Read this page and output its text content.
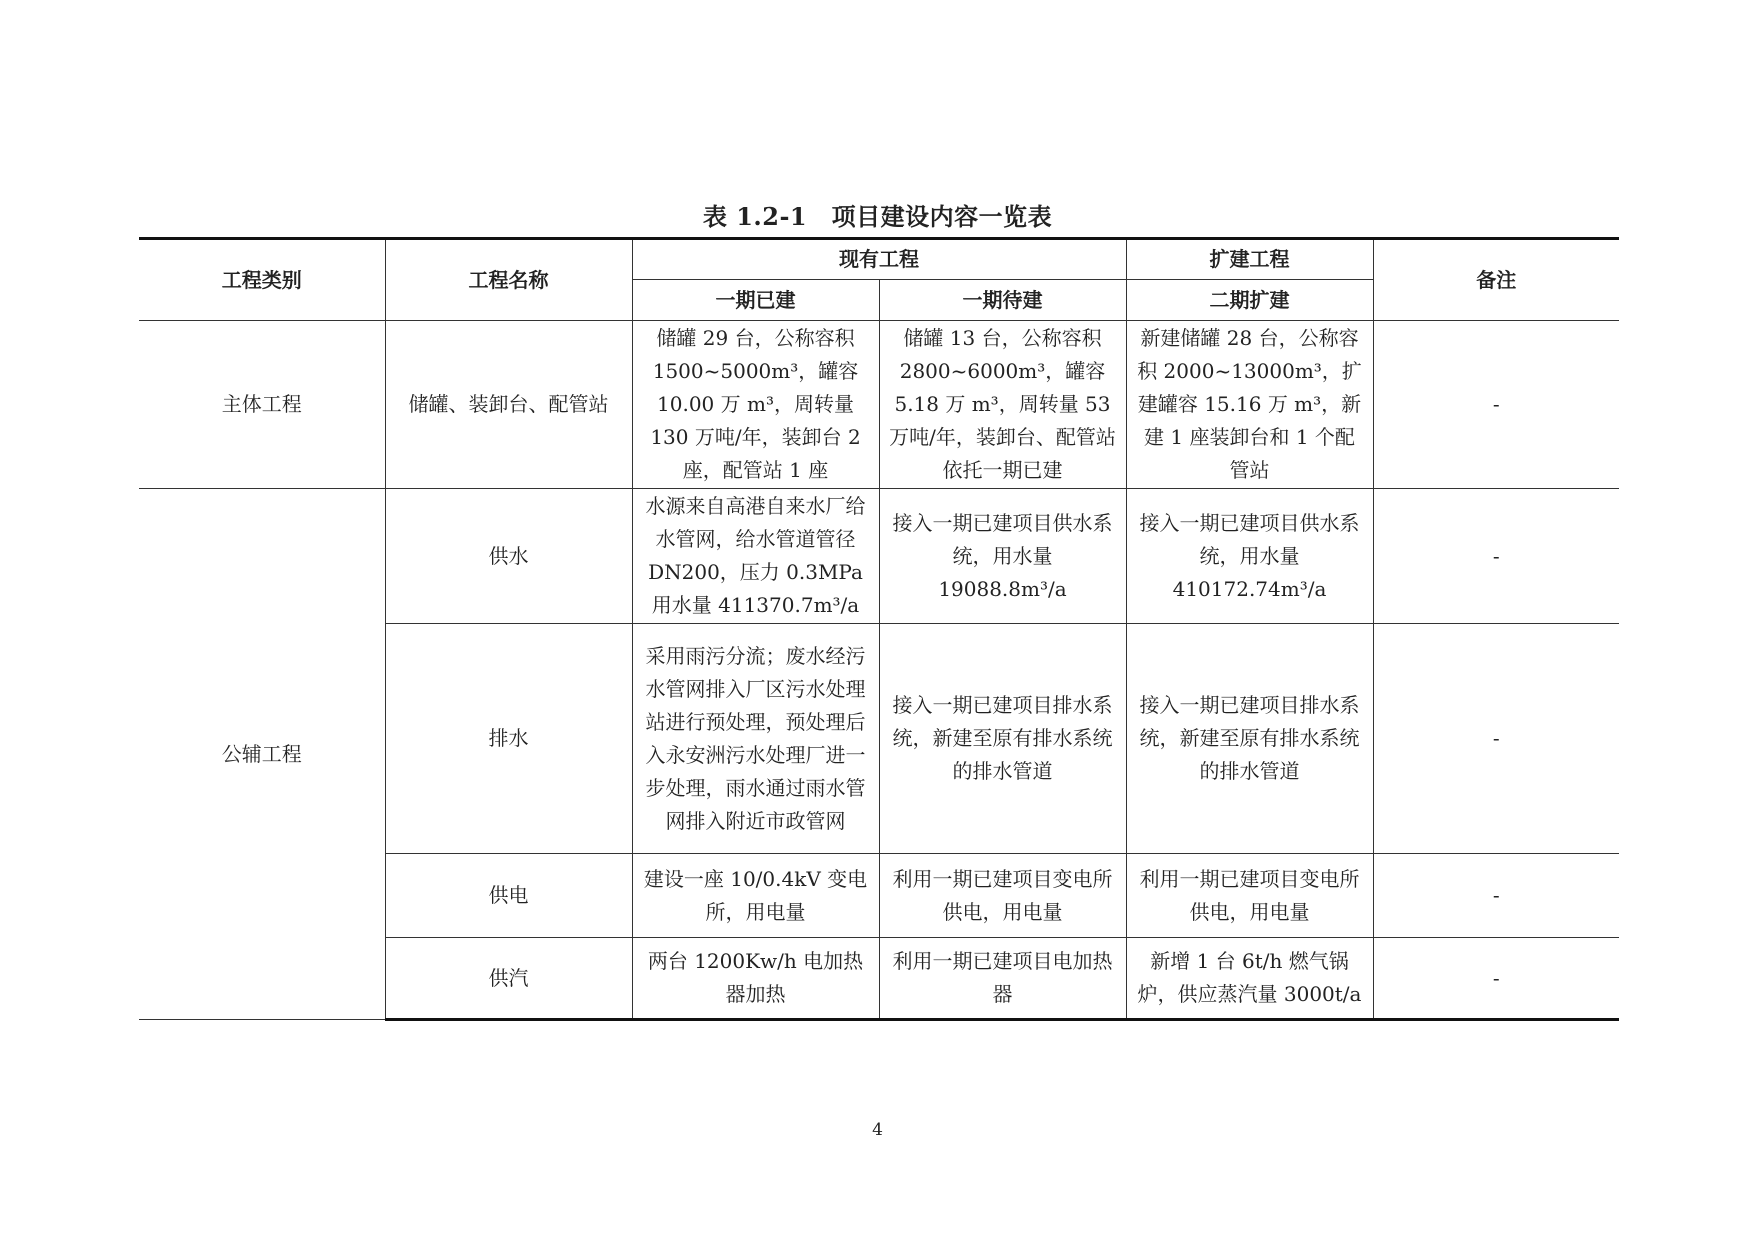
表 1.2-1　项目建设内容一览表
工程类别	工程名称	现有工程		扩建工程	备注
		一期已建	一期待建	二期扩建	
主体工程	储罐、装卸台、配管站	储罐 29 台，公称容积 1500~5000m³，罐容 10.00 万 m³，周转量 130 万吨/年，装卸台 2 座，配管站 1 座	储罐 13 台，公称容积 2800~6000m³，罐容 5.18 万 m³，周转量 53 万吨/年，装卸台、配管站依托一期已建	新建储罐 28 台，公称容积 2000~13000m³，扩建罐容 15.16 万 m³，新建 1 座装卸台和 1 个配管站	-
公辅工程	供水	水源来自高港自来水厂给水管网，给水管道管径 DN200，压力 0.3MPa 用水量 411370.7m³/a	接入一期已建项目供水系统，用水量 19088.8m³/a	接入一期已建项目供水系统，用水量 410172.74m³/a	-
	排水	采用雨污分流；废水经污水管网排入厂区污水处理站进行预处理，预处理后入永安洲污水处理厂进一步处理，雨水通过雨水管网排入附近市政管网	接入一期已建项目排水系统，新建至原有排水系统的排水管道	接入一期已建项目排水系统，新建至原有排水系统的排水管道	-
	供电	建设一座 10/0.4kV 变电所，用电量	利用一期已建项目变电所供电，用电量	利用一期已建项目变电所供电，用电量	-
	供汽	两台 1200Kw/h 电加热器加热	利用一期已建项目电加热器	新增 1 台 6t/h 燃气锅炉，供应蒸汽量 3000t/a	-
4
